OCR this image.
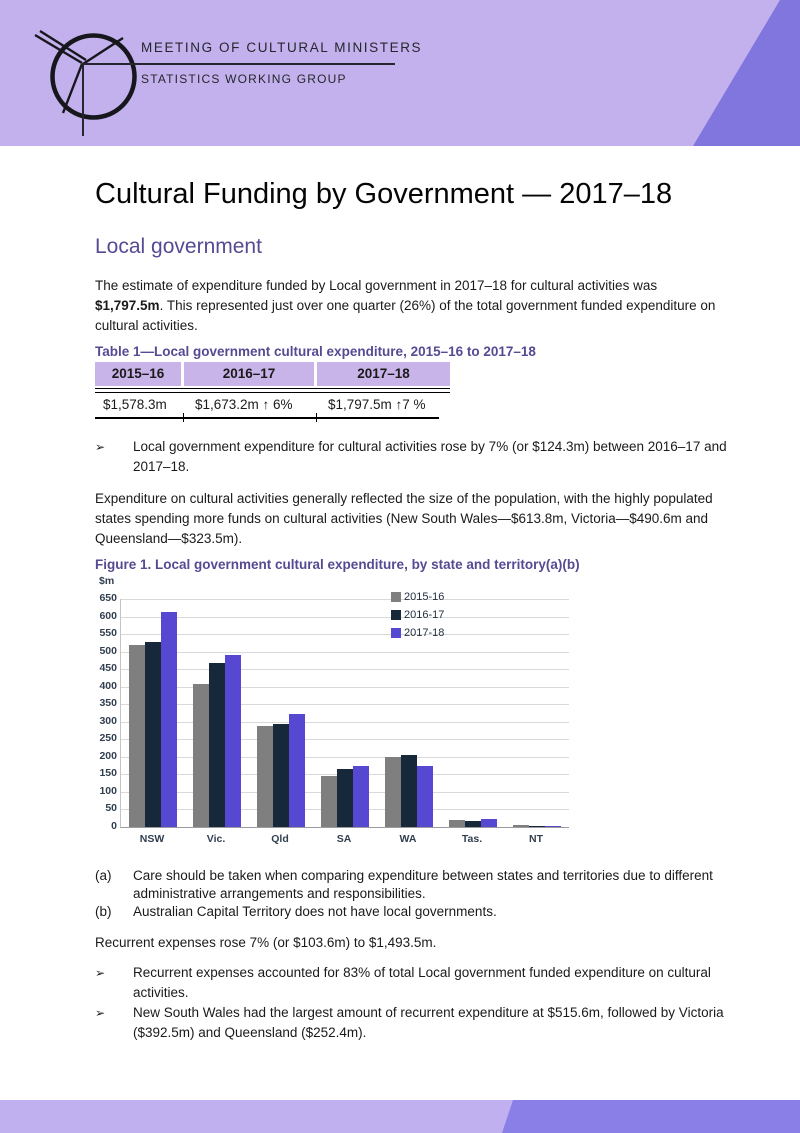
MEETING OF CULTURAL MINISTERS
STATISTICS WORKING GROUP
Cultural Funding by Government — 2017–18
Local government

The estimate of expenditure funded by Local government in 2017–18 for cultural activities was $1,797.5m. This represented just over one quarter (26%) of the total government funded expenditure on cultural activities.

Table 1—Local government cultural expenditure, 2015–16 to 2017–18

2015–16	2016–17	2017–18
$1,578.3m	$1,673.2m ↑ 6%	$1,797.5m ↑7 %
➢	Local government expenditure for cultural activities rose by 7% (or $124.3m) between 2016–17 and 2017–18.

Expenditure on cultural activities generally reflected the size of the population, with the highly populated states spending more funds on cultural activities (New South Wales—$613.8m, Victoria—$490.6m and Queensland—$323.5m).

Figure 1. Local government cultural expenditure, by state and territory(a)(b)

$m
2015-16
2016-17
2017-18
0
50
100
150
200
250
300
350
400
450
500
550
600
650
NSW	Vic.	Qld	SA	WA	Tas.	NT
(a)	Care should be taken when comparing expenditure between states and territories due to different administrative arrangements and responsibilities.
(b)	Australian Capital Territory does not have local governments.

Recurrent expenses rose 7% (or $103.6m) to $1,493.5m.

➢	Recurrent expenses accounted for 83% of total Local government funded expenditure on cultural activities.
➢	New South Wales had the largest amount of recurrent expenditure at $515.6m, followed by Victoria ($392.5m) and Queensland ($252.4m).
